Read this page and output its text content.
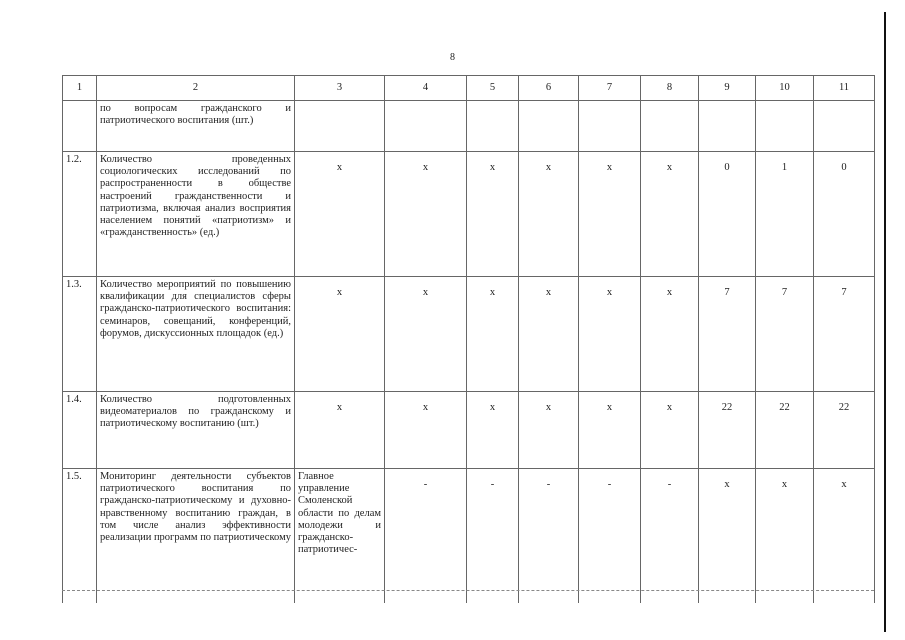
8
1	2	3	4	5	6	7	8	9	10	11
	по вопросам гражданского и патриотического воспитания (шт.)									
1.2.	Количество проведенных социологических исследований по распространенности в обществе настроений гражданственности и патриотизма, включая анализ восприятия населением понятий «патриотизм» и «гражданственность» (ед.)	х	х	х	х	х	х	0	1	0
1.3.	Количество мероприятий по повышению квалификации для специалистов сферы гражданско-патриотического воспитания: семинаров, совещаний, конференций, форумов, дискуссионных площадок (ед.)	х	х	х	х	х	х	7	7	7
1.4.	Количество подготовленных видеоматериалов по гражданскому и патриотическому воспитанию (шт.)	х	х	х	х	х	х	22	22	22
1.5.	Мониторинг деятельности субъектов патриотического воспитания по гражданско-патриотическому и духовно-нравственному воспитанию граждан, в том числе анализ эффективности реализации программ по патриотическому	Главное управление Смоленской области по делам молодежи и гражданско-патриотичес-	-	-	-	-	-	х	х	х
